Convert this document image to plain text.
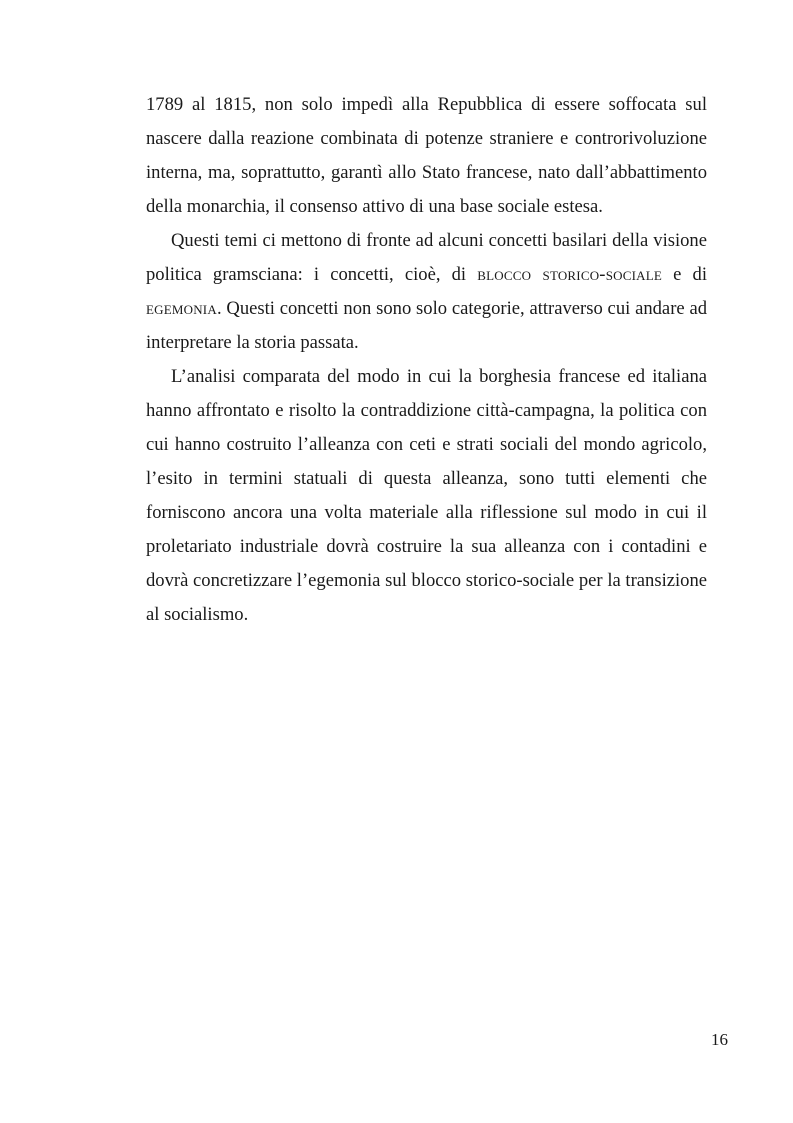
1789 al 1815, non solo impedì alla Repubblica di essere soffocata sul nascere dalla reazione combinata di potenze straniere e controrivoluzione interna, ma, soprattutto, garantì allo Stato francese, nato dall’abbattimento della monarchia, il consenso attivo di una base sociale estesa.

Questi temi ci mettono di fronte ad alcuni concetti basilari della visione politica gramsciana: i concetti, cioè, di blocco storico-sociale e di egemonia. Questi concetti non sono solo categorie, attraverso cui andare ad interpretare la storia passata.

L’analisi comparata del modo in cui la borghesia francese ed italiana hanno affrontato e risolto la contraddizione città-campagna, la politica con cui hanno costruito l’alleanza con ceti e strati sociali del mondo agricolo, l’esito in termini statuali di questa alleanza, sono tutti elementi che forniscono ancora una volta materiale alla riflessione sul modo in cui il proletariato industriale dovrà costruire la sua alleanza con i contadini e dovrà concretizzare l’egemonia sul blocco storico-sociale per la transizione al socialismo.

16
